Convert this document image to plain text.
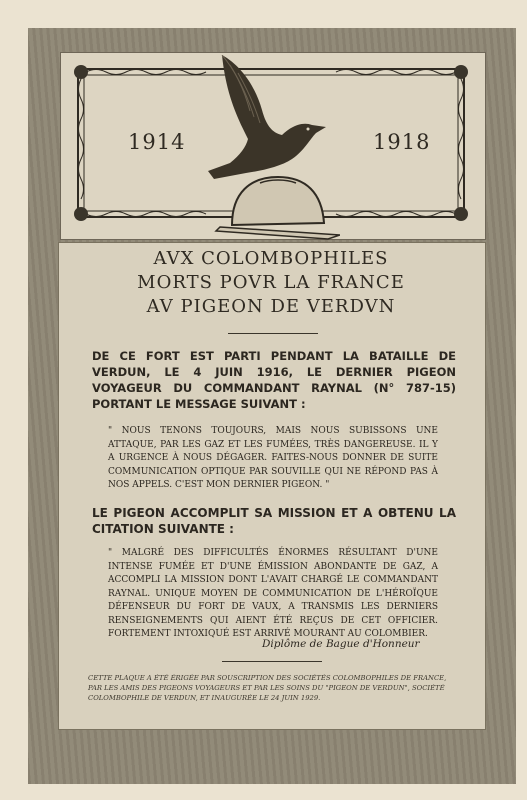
1914	1918
AVX COLOMBOPHILES
MORTS POVR LA FRANCE
AV PIGEON DE VERDVN
DE CE FORT EST PARTI PENDANT LA BATAILLE DE VERDUN, LE 4 JUIN 1916, LE DERNIER PIGEON VOYAGEUR DU COMMANDANT RAYNAL (N° 787-15) PORTANT LE MESSAGE SUIVANT :
" NOUS TENONS TOUJOURS, MAIS NOUS SUBISSONS UNE ATTAQUE, PAR LES GAZ ET LES FUMÉES, TRÈS DANGEREUSE. IL Y A URGENCE À NOUS DÉGAGER. FAITES-NOUS DONNER DE SUITE COMMUNICATION OPTIQUE PAR SOUVILLE QUI NE RÉPOND PAS À NOS APPELS. C'EST MON DERNIER PIGEON. "
LE PIGEON ACCOMPLIT SA MISSION ET A OBTENU LA CITATION SUIVANTE :
" MALGRÉ DES DIFFICULTÉS ÉNORMES RÉSULTANT D'UNE INTENSE FUMÉE ET D'UNE ÉMISSION ABONDANTE DE GAZ, A ACCOMPLI LA MISSION DONT L'AVAIT CHARGÉ LE COMMANDANT RAYNAL. UNIQUE MOYEN DE COMMUNICATION DE L'HÉROÏQUE DÉFENSEUR DU FORT DE VAUX, A TRANSMIS LES DERNIERS RENSEIGNEMENTS QUI AIENT ÉTÉ REÇUS DE CET OFFICIER. FORTEMENT INTOXIQUÉ EST ARRIVÉ MOURANT AU COLOMBIER.
Diplôme de Bague d'Honneur
CETTE PLAQUE A ÉTÉ ÉRIGÉE PAR SOUSCRIPTION DES SOCIÉTÉS COLOMBOPHILES DE FRANCE, PAR LES AMIS DES PIGEONS VOYAGEURS ET PAR LES SOINS DU "PIGEON DE VERDUN", SOCIÉTÉ COLOMBOPHILE DE VERDUN, ET INAUGURÉE LE 24 JUIN 1929.
